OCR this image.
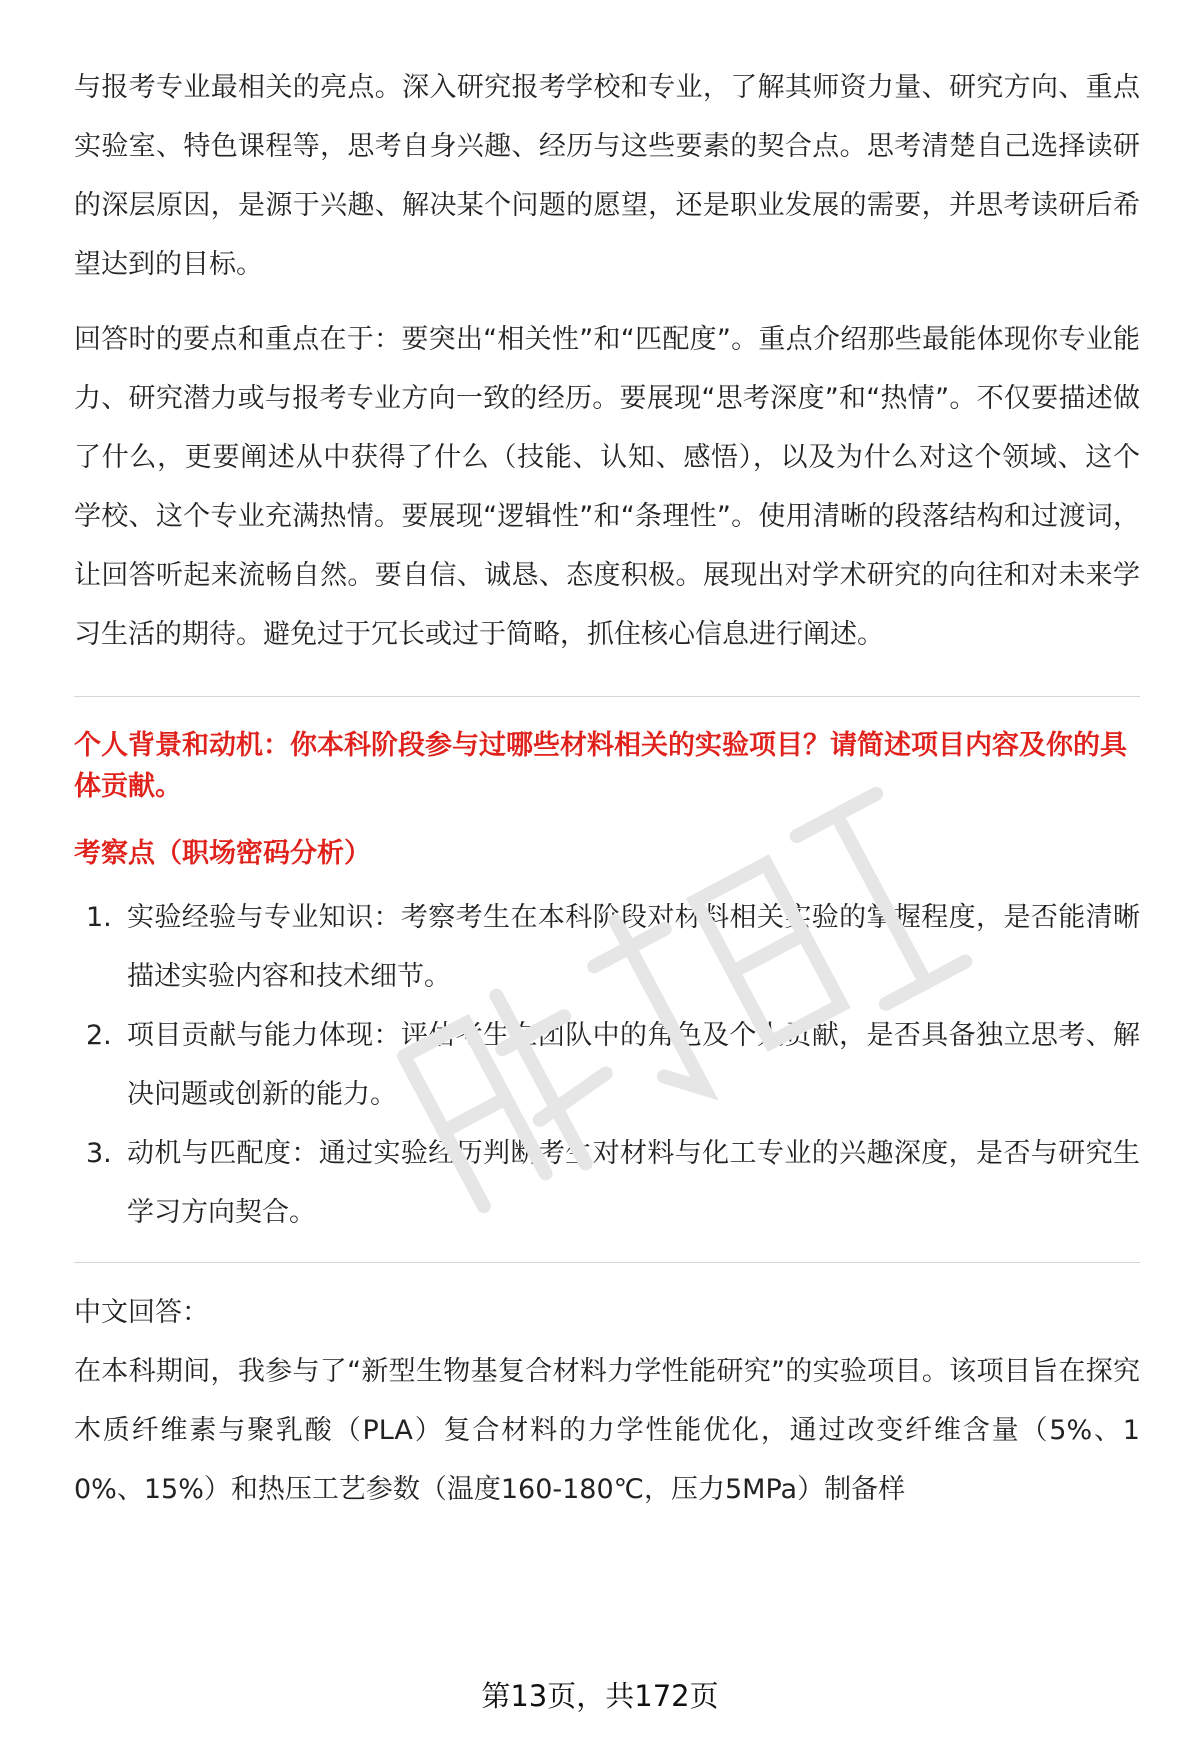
与报考专业最相关的亮点。深入研究报考学校和专业，了解其师资力量、研究方向、重点实验室、特色课程等，思考自身兴趣、经历与这些要素的契合点。思考清楚自己选择读研的深层原因，是源于兴趣、解决某个问题的愿望，还是职业发展的需要，并思考读研后希望达到的目标。

回答时的要点和重点在于：要突出“相关性”和“匹配度”。重点介绍那些最能体现你专业能力、研究潜力或与报考专业方向一致的经历。要展现“思考深度”和“热情”。不仅要描述做了什么，更要阐述从中获得了什么（技能、认知、感悟），以及为什么对这个领域、这个学校、这个专业充满热情。要展现“逻辑性”和“条理性”。使用清晰的段落结构和过渡词，让回答听起来流畅自然。要自信、诚恳、态度积极。展现出对学术研究的向往和对未来学习生活的期待。避免过于冗长或过于简略，抓住核心信息进行阐述。

个人背景和动机：你本科阶段参与过哪些材料相关的实验项目？请简述项目内容及你的具体贡献。

考察点（职场密码分析）

1. 实验经验与专业知识：考察考生在本科阶段对材料相关实验的掌握程度，是否能清晰描述实验内容和技术细节。
2. 项目贡献与能力体现：评估考生在团队中的角色及个人贡献，是否具备独立思考、解决问题或创新的能力。
3. 动机与匹配度：通过实验经历判断考生对材料与化工专业的兴趣深度，是否与研究生学习方向契合。

中文回答：

在本科期间，我参与了“新型生物基复合材料力学性能研究”的实验项目。该项目旨在探究木质纤维素与聚乳酸（PLA）复合材料的力学性能优化，通过改变纤维含量（5%、10%、15%）和热压工艺参数（温度160-180℃，压力5MPa）制备样

第13页，共172页
